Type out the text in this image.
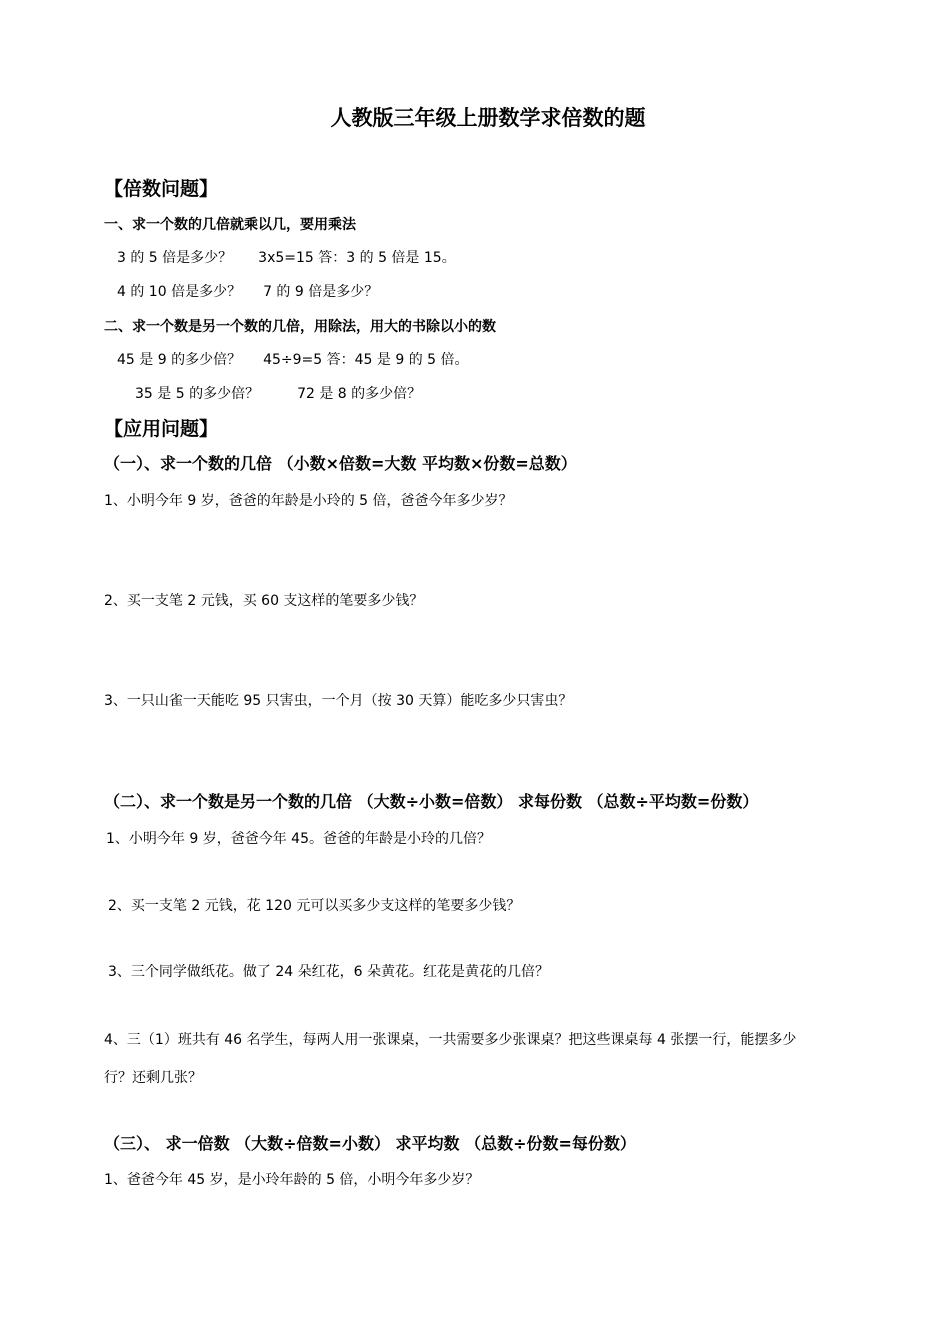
人教版三年级上册数学求倍数的题
【倍数问题】
一、求一个数的几倍就乘以几，要用乘法
3 的 5 倍是多少？ 3x5=15 答：3 的 5 倍是 15。
4 的 10 倍是多少？ 7 的 9 倍是多少？
二、求一个数是另一个数的几倍，用除法，用大的书除以小的数
45 是 9 的多少倍？ 45÷9=5 答：45 是 9 的 5 倍。
35 是 5 的多少倍？	72 是 8 的多少倍？
【应用问题】
（一）、求一个数的几倍 （小数×倍数=大数 平均数×份数=总数）
1、小明今年 9 岁，爸爸的年龄是小玲的 5 倍，爸爸今年多少岁？
2、买一支笔 2 元钱，买 60 支这样的笔要多少钱？
3、一只山雀一天能吃 95 只害虫，一个月（按 30 天算）能吃多少只害虫？
（二）、求一个数是另一个数的几倍 （大数÷小数=倍数） 求每份数 （总数÷平均数=份数）
1、小明今年 9 岁，爸爸今年 45。爸爸的年龄是小玲的几倍？
2、买一支笔 2 元钱，花 120 元可以买多少支这样的笔要多少钱？
3、三个同学做纸花。做了 24 朵红花，6 朵黄花。红花是黄花的几倍？
4、三（1）班共有 46 名学生，每两人用一张课桌，一共需要多少张课桌？把这些课桌每 4 张摆一行，能摆多少
行？还剩几张？
（三）、 求一倍数 （大数÷倍数=小数） 求平均数 （总数÷份数=每份数）
1、爸爸今年 45 岁，是小玲年龄的 5 倍，小明今年多少岁？
